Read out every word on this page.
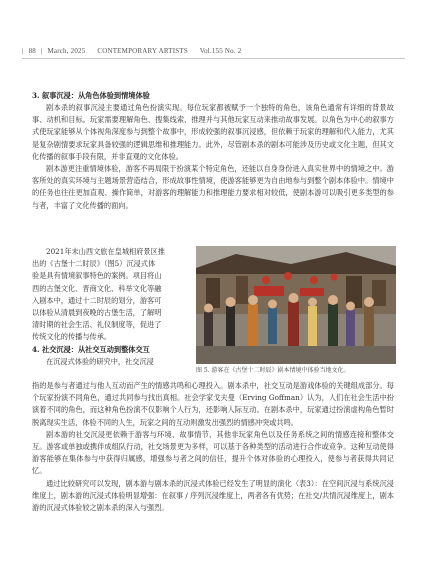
| 88 | March, 2025 CONTEMPORARY ARTISTS Vol.155 No. 2
3. 叙事沉浸：从角色体验到情境体验

剧本杀的叙事沉浸主要通过角色扮演实现。每位玩家都被赋予一个独特的角色，该角色通常有详细的背景故事、动机和目标。玩家需要理解角色、搜集线索、推理并与其他玩家互动来推动故事发展。以角色为中心的叙事方式使玩家能够从个体视角深度参与到整个故事中，形成较强的叙事沉浸感，但依赖于玩家的理解和代入能力，尤其是复杂剧情要求玩家具备较强的逻辑思维和推理能力。此外，尽管剧本杀的剧本可能涉及历史或文化主题，但其文化传播的叙事手段有限，并非直观的文化体验。

剧本游更注重情境体验，游客不再局限于扮演某个特定角色，还能以自身身份进入真实世界中的情境之中。游客所处的真实环境与主题场景营造结合，形成故事性情境，使游客能够更为自由地参与到整个剧本体验中。情境中的任务也往往更加直观、操作简单，对游客的理解能力和推理能力要求相对较低，使剧本游可以吸引更多类型的参与者，丰富了文化传播的面向。

2021年末山西文旅在皇城相府景区推
出的《古堡十二时辰》（图5）沉浸式体
验是具有情境叙事特色的案例。项目将山
西的古堡文化、晋商文化、科举文化等融
入剧本中，通过十二时辰的划分，游客可
以体验从清晨到夜晚的古堡生活，了解明
清时期的社会生活、礼仪制度等，促进了
传统文化的传播与传承。
4. 社交沉浸：从社交互动到整体交互
在沉浸式体验的研究中，社交沉浸
图 5. 游客在《古堡十二时辰》剧本情境中体验当地文化。

指的是参与者通过与他人互动而产生的情感共鸣和心理投入。剧本杀中，社交互动是游戏体验的关键组成部分。每个玩家扮演不同角色，通过共同参与找出真相。社会学家戈夫曼（Erving Goffman）认为，人们在社会生活中扮演着不同的角色，而这种角色扮演不仅影响个人行为，还影响人际互动。在剧本杀中，玩家通过扮演虚构角色暂时脱离现实生活，体验不同的人生，玩家之间的互动则激发出强烈的情感冲突或共鸣。

剧本游的社交沉浸更依赖于游客与环境、故事情节、其他非玩家角色以及任务系统之间的情感连接和整体交互。游客或单独或携伴成组队行动，社交场景更为多样，可以基于各种类型的活动进行合作或竞争。这种互动使得游客能够在集体参与中获得归属感，增强参与者之间的信任，提升个体对体验的心理投入，使参与者获得共同记忆。

通过比较研究可以发现，剧本游与剧本杀的沉浸式体验已经发生了明显的演化（表3）：在空间沉浸与系统沉浸维度上，剧本游的沉浸式体验明显增强：在叙事 / 序列沉浸维度上，两者各有优势；在社交/共情沉浸维度上，剧本游的沉浸式体验较之剧本杀的深入与强烈。
